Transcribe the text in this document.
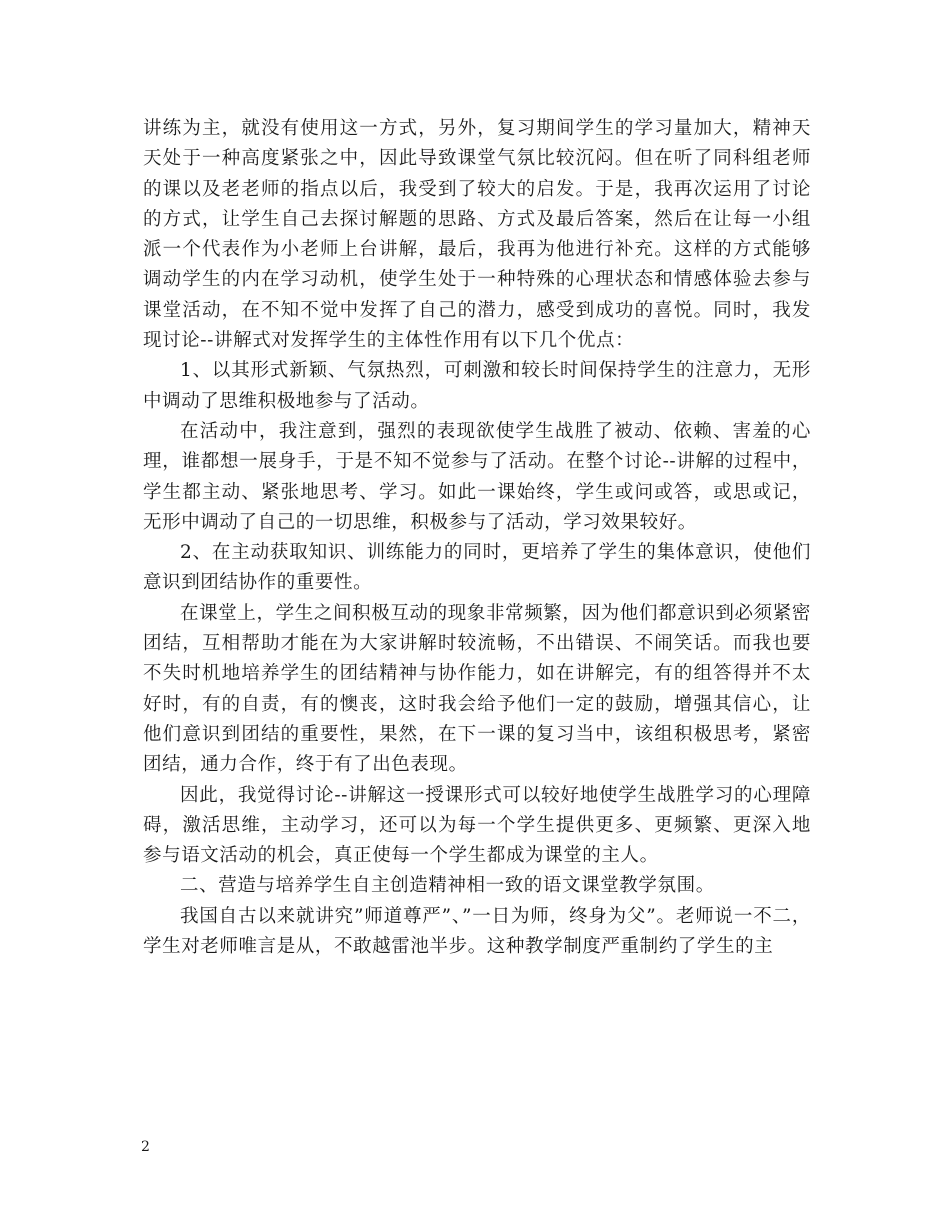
讲练为主，就没有使用这一方式，另外，复习期间学生的学习量加大，精神天天处于一种高度紧张之中，因此导致课堂气氛比较沉闷。但在听了同科组老师的课以及老老师的指点以后，我受到了较大的启发。于是，我再次运用了讨论的方式，让学生自己去探讨解题的思路、方式及最后答案，然后在让每一小组派一个代表作为小老师上台讲解，最后，我再为他进行补充。这样的方式能够调动学生的内在学习动机，使学生处于一种特殊的心理状态和情感体验去参与课堂活动，在不知不觉中发挥了自己的潜力，感受到成功的喜悦。同时，我发现讨论--讲解式对发挥学生的主体性作用有以下几个优点：

1、以其形式新颖、气氛热烈，可刺激和较长时间保持学生的注意力，无形中调动了思维积极地参与了活动。

在活动中，我注意到，强烈的表现欲使学生战胜了被动、依赖、害羞的心理，谁都想一展身手，于是不知不觉参与了活动。在整个讨论--讲解的过程中，学生都主动、紧张地思考、学习。如此一课始终，学生或问或答，或思或记，无形中调动了自己的一切思维，积极参与了活动，学习效果较好。

2、在主动获取知识、训练能力的同时，更培养了学生的集体意识，使他们意识到团结协作的重要性。

在课堂上，学生之间积极互动的现象非常频繁，因为他们都意识到必须紧密团结，互相帮助才能在为大家讲解时较流畅，不出错误、不闹笑话。而我也要不失时机地培养学生的团结精神与协作能力，如在讲解完，有的组答得并不太好时，有的自责，有的懊丧，这时我会给予他们一定的鼓励，增强其信心，让他们意识到团结的重要性，果然，在下一课的复习当中，该组积极思考，紧密团结，通力合作，终于有了出色表现。

因此，我觉得讨论--讲解这一授课形式可以较好地使学生战胜学习的心理障碍，激活思维，主动学习，还可以为每一个学生提供更多、更频繁、更深入地参与语文活动的机会，真正使每一个学生都成为课堂的主人。

二、营造与培养学生自主创造精神相一致的语文课堂教学氛围。

我国自古以来就讲究”师道尊严”、”一日为师，终身为父”。老师说一不二，学生对老师唯言是从，不敢越雷池半步。这种教学制度严重制约了学生的主

2
